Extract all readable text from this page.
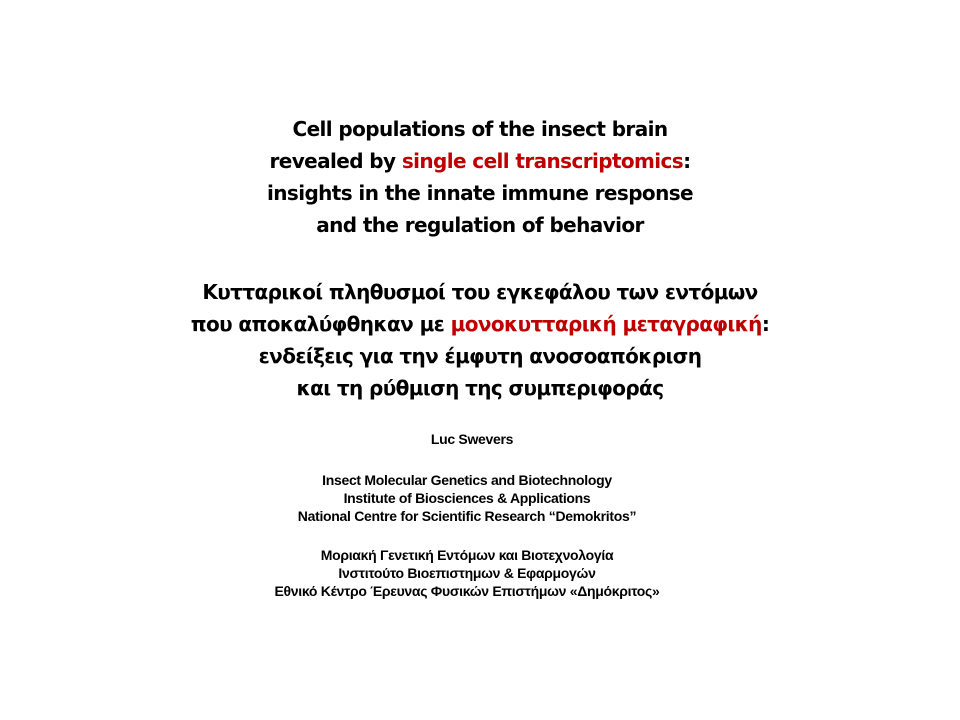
Cell populations of the insect brain
revealed by single cell transcriptomics:
insights in the innate immune response
and the regulation of behavior
Κυτταρικοί πληθυσμοί του εγκεφάλου των εντόμων
που αποκαλύφθηκαν με μονοκυτταρική μεταγραφική:
ενδείξεις για την έμφυτη ανοσοαπόκριση
και τη ρύθμιση της συμπεριφοράς
Luc Swevers
Insect Molecular Genetics and Biotechnology
Institute of Biosciences & Applications
National Centre for Scientific Research “Demokritos”
Μοριακή Γενετική Εντόμων και Βιοτεχνολογία
Ινστιτούτο Βιοεπιστημων & Εφαρμογών
Εθνικό Κέντρο Έρευνας Φυσικών Επιστήμων «Δημόκριτος»
